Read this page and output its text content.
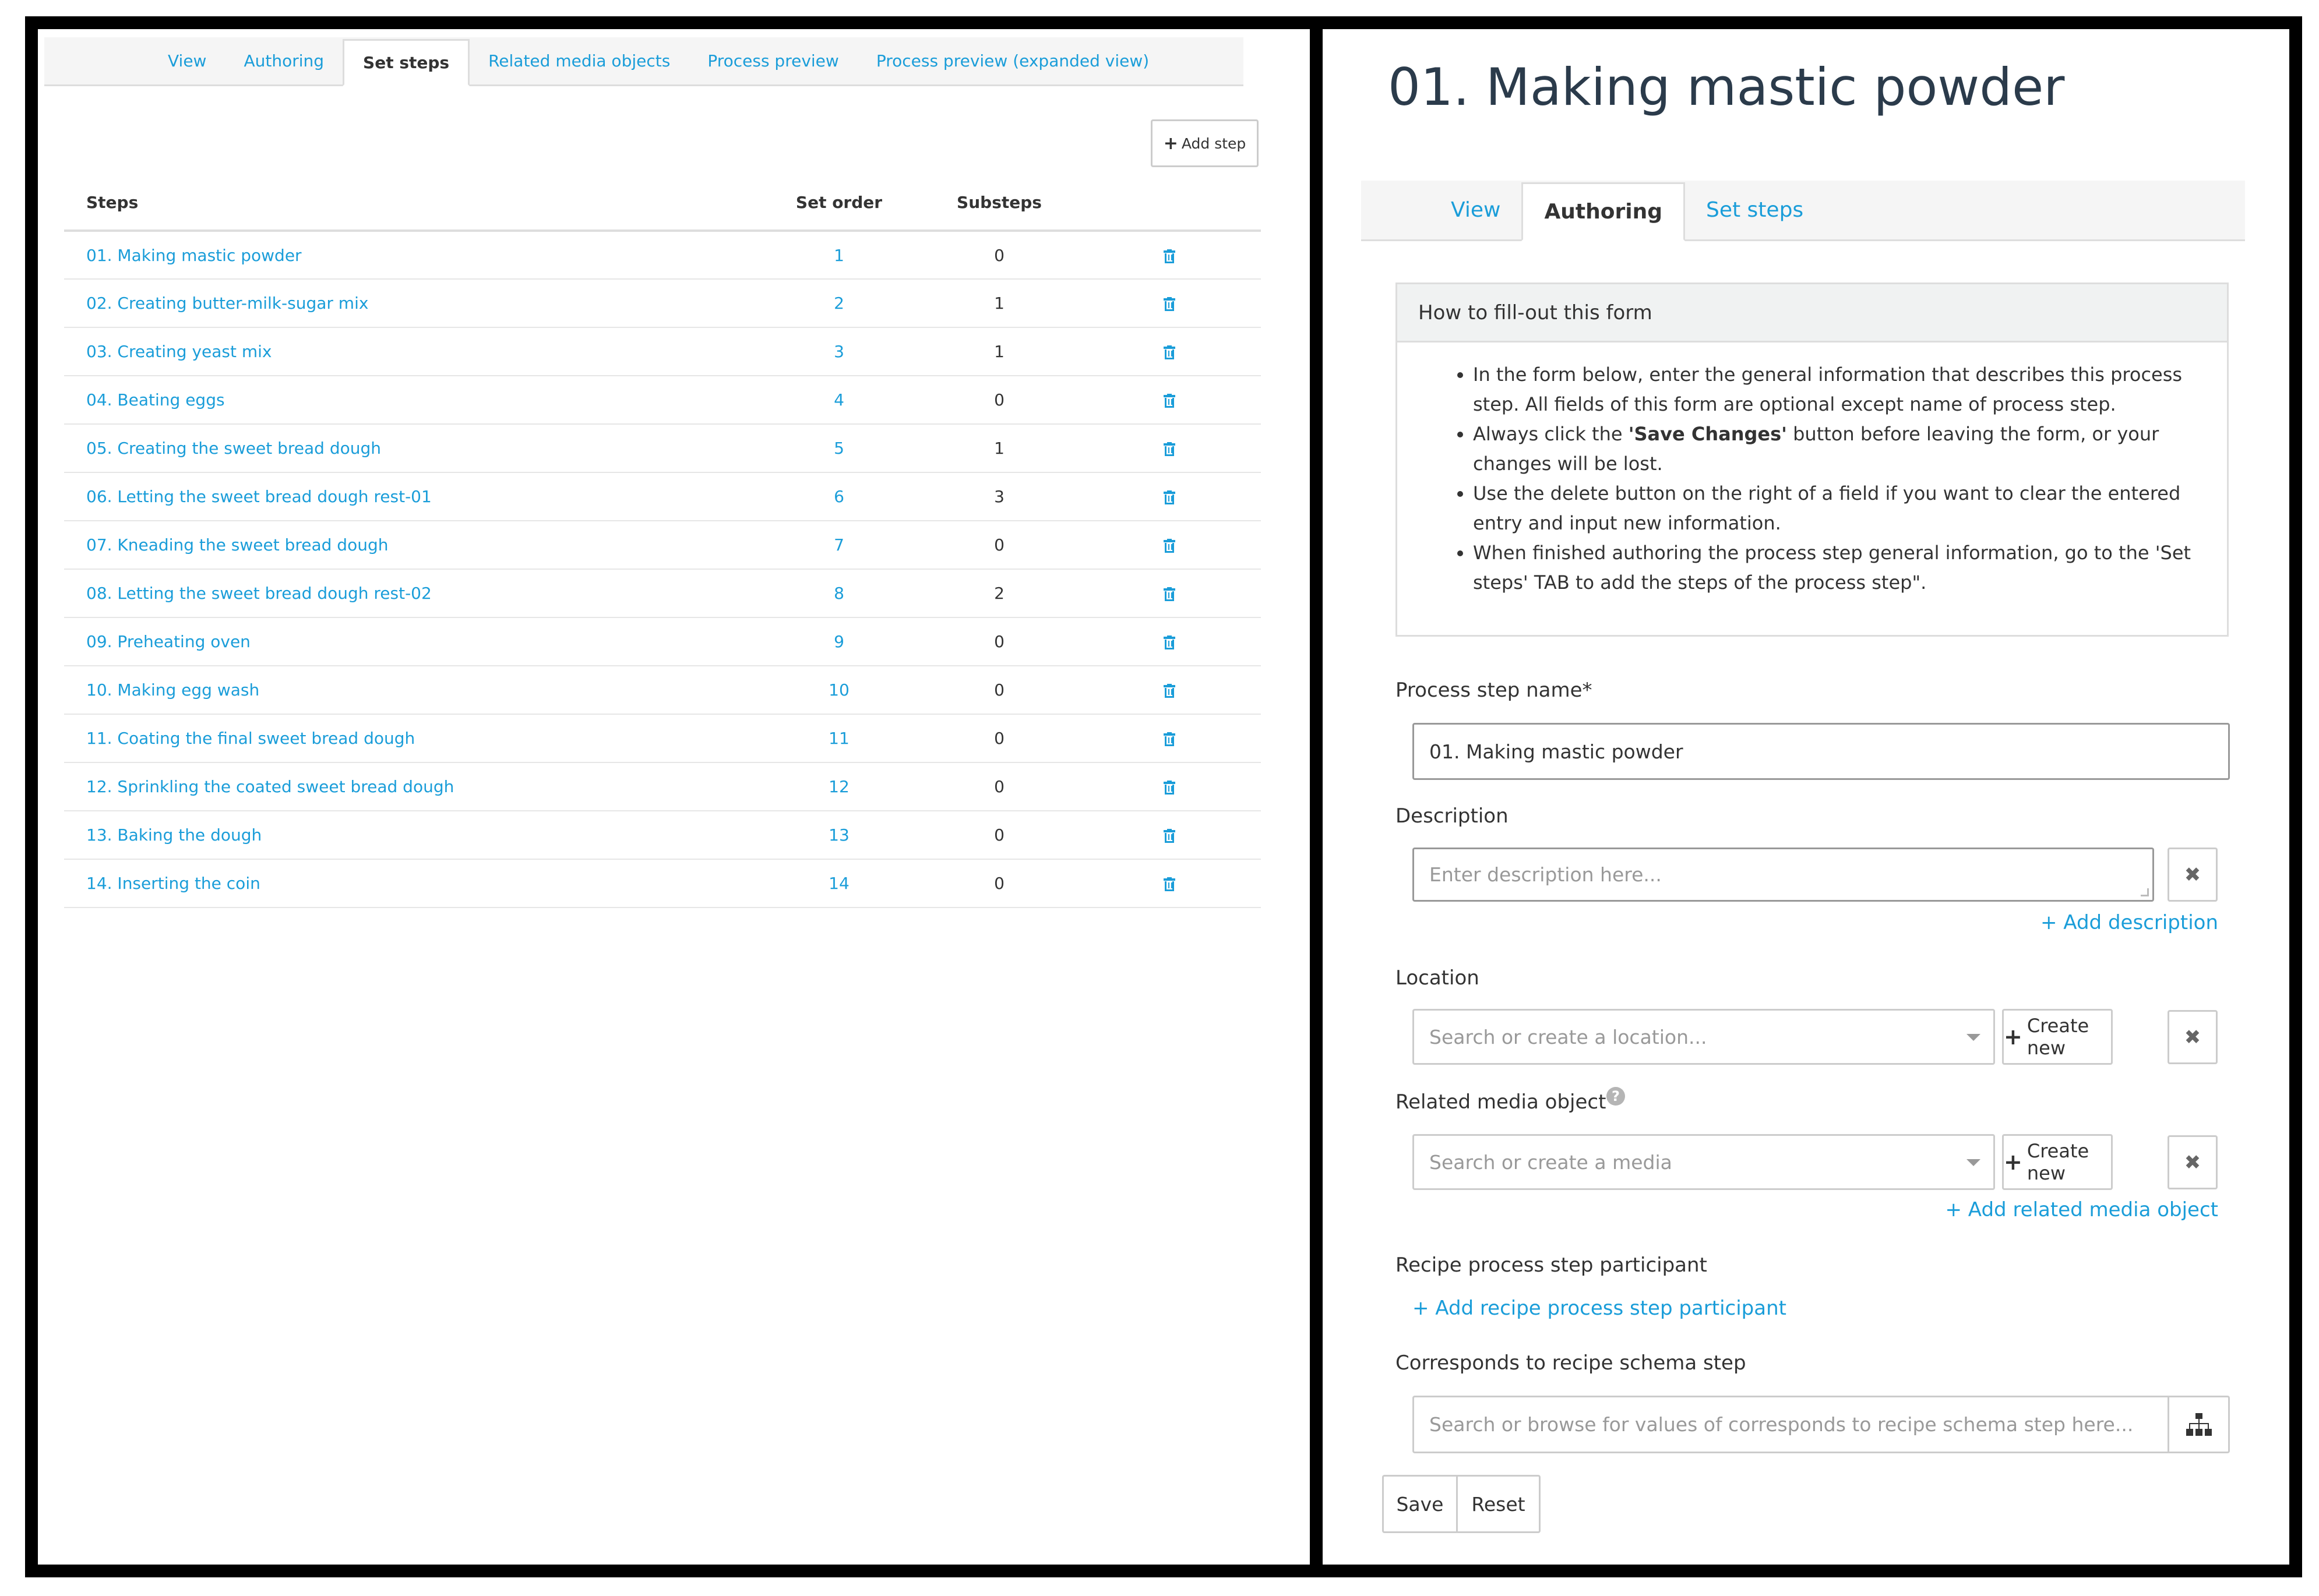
View	Authoring	Set steps	Related media objects	Process preview	Process preview (expanded view)
+ Add step
Steps	Set order	Substeps	
01. Making mastic powder	1	0	

02. Creating butter-milk-sugar mix	2	1	

03. Creating yeast mix	3	1	

04. Beating eggs	4	0	

05. Creating the sweet bread dough	5	1	

06. Letting the sweet bread dough rest-01	6	3	

07. Kneading the sweet bread dough	7	0	

08. Letting the sweet bread dough rest-02	8	2	

09. Preheating oven	9	0	

10. Making egg wash	10	0	

11. Coating the final sweet bread dough	11	0	

12. Sprinkling the coated sweet bread dough	12	0	

13. Baking the dough	13	0	

14. Inserting the coin	14	0	
01. Making mastic powder
View	Authoring	Set steps
How to fill-out this form
• In the form below, enter the general information that describes this process step. All fields of this form are optional except name of process step.
• Always click the 'Save Changes' button before leaving the form, or your changes will be lost.
• Use the delete button on the right of a field if you want to clear the entered entry and input new information.
• When finished authoring the process step general information, go to the 'Set steps' TAB to add the steps of the process step".
Process step name*
01. Making mastic powder
Description
Enter description here...	✖
+ Add description
Location
Search or create a location...	+ Create new	✖
Related media object ?
Search or create a media	+ Create new	✖
+ Add related media object
Recipe process step participant
+ Add recipe process step participant
Corresponds to recipe schema step
Search or browse for values of corresponds to recipe schema step here...
Save	Reset
